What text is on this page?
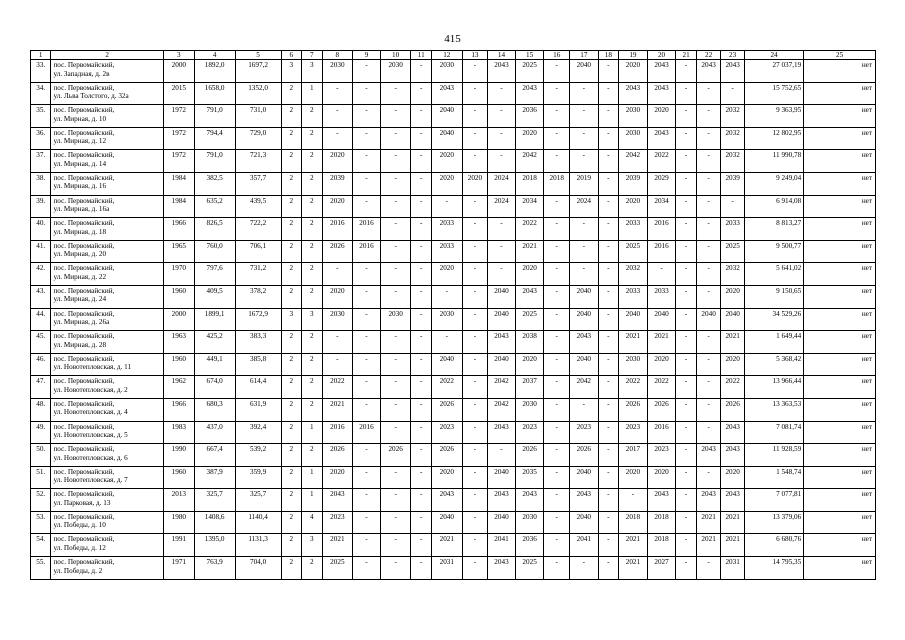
415
1	2	3	4	5	6	7	8	9	10	11	12	13	14	15	16	17	18	19	20	21	22	23	24	25
33.	пос. Первомайский,
ул. Западная, д. 2в	2000	1892,0	1697,2	3	3	2030	-	2030	-	2030	-	2043	2025	-	2040	-	2020	2043	-	2043	2043	27 037,19	нет
34.	пос. Первомайский,
ул. Льва Толстого, д. 32а	2015	1658,0	1352,0	2	1	-	-	-	-	2043	-	-	2043	-	-	-	2043	2043	-	-	-	15 752,65	нет
35.	пос. Первомайский,
ул. Мирная, д. 10	1972	791,0	731,0	2	2	-	-	-	-	2040	-	-	2036	-	-	-	2030	2020	-	-	2032	9 363,95	нет
36.	пос. Первомайский,
ул. Мирная, д. 12	1972	794,4	729,0	2	2	-	-	-	-	2040	-	-	2020	-	-	-	2030	2043	-	-	2032	12 802,95	нет
37.	пос. Первомайский,
ул. Мирная, д. 14	1972	791,0	721,3	2	2	2020	-	-	-	2020	-	-	2042	-	-	-	2042	2022	-	-	2032	11 990,78	нет
38.	пос. Первомайский,
ул. Мирная, д. 16	1984	382,5	357,7	2	2	2039	-	-	-	2020	2020	2024	2018	2018	2019	-	2039	2029	-	-	2039	9 249,04	нет
39.	пос. Первомайский,
ул. Мирная, д. 16а	1984	635,2	439,5	2	2	2020	-	-	-	-	-	2024	2034	-	2024	-	2020	2034	-	-	-	6 914,08	нет
40.	пос. Первомайский,
ул. Мирная, д. 18	1966	826,5	722,2	2	2	2016	2016	-	-	2033	-	-	2022	-	-	-	2033	2016	-	-	2033	8 813,27	нет
41.	пос. Первомайский,
ул. Мирная, д. 20	1965	760,0	706,1	2	2	2026	2016	-	-	2033	-	-	2021	-	-	-	2025	2016	-	-	2025	9 500,77	нет
42.	пос. Первомайский,
ул. Мирная, д. 22	1970	797,6	731,2	2	2	-	-	-	-	2020	-	-	2020	-	-	-	2032	-	-	-	2032	5 641,02	нет
43.	пос. Первомайский,
ул. Мирная, д. 24	1960	409,5	378,2	2	2	2020	-	-	-	-	-	2040	2043	-	2040	-	2033	2033	-	-	2020	9 150,65	нет
44.	пос. Первомайский,
ул. Мирная, д. 26а	2000	1899,1	1672,9	3	3	2030	-	2030	-	2030	-	2040	2025	-	2040	-	2040	2040	-	2040	2040	34 529,26	нет
45.	пос. Первомайский,
ул. Мирная, д. 28	1963	425,2	383,3	2	2	-	-	-	-	-	-	2043	2038	-	2043	-	2021	2021	-	-	2021	1 649,44	нет
46.	пос. Первомайский,
ул. Новотепловская, д. 11	1960	449,1	385,8	2	2	-	-	-	-	2040	-	2040	2020	-	2040	-	2030	2020	-	-	2020	5 368,42	нет
47.	пос. Первомайский,
ул. Новотепловская, д. 2	1962	674,0	614,4	2	2	2022	-	-	-	2022	-	2042	2037	-	2042	-	2022	2022	-	-	2022	13 966,44	нет
48.	пос. Первомайский,
ул. Новотепловская, д. 4	1966	680,3	631,9	2	2	2021	-	-	-	2026	-	2042	2030	-	-	-	2026	2026	-	-	2026	13 363,53	нет
49.	пос. Первомайский,
ул. Новотепловская, д. 5	1983	437,0	392,4	2	1	2016	2016	-	-	2023	-	2043	2023	-	2023	-	2023	2016	-	-	2043	7 081,74	нет
50.	пос. Первомайский,
ул. Новотепловская, д. 6	1990	667,4	539,2	2	2	2026	-	2026	-	2026	-	-	2026	-	2026	-	2017	2023	-	2043	2043	11 928,59	нет
51.	пос. Первомайский,
ул. Новотепловская, д. 7	1960	387,9	359,9	2	1	2020	-	-	-	2020	-	2040	2035	-	2040	-	2020	2020	-	-	2020	1 548,74	нет
52.	пос. Первомайский,
ул. Парковая, д. 13	2013	325,7	325,7	2	1	2043	-	-	-	2043	-	2043	2043	-	2043	-	-	2043	-	2043	2043	7 077,81	нет
53.	пос. Первомайский,
ул. Победы, д. 10	1980	1408,6	1140,4	2	4	2023	-	-	-	2040	-	2040	2030	-	2040	-	2018	2018	-	2021	2021	13 379,06	нет
54.	пос. Первомайский,
ул. Победы, д. 12	1991	1395,0	1131,3	2	3	2021	-	-	-	2021	-	2041	2036	-	2041	-	2021	2018	-	2021	2021	6 680,76	нет
55.	пос. Первомайский,
ул. Победы, д. 2	1971	763,9	704,0	2	2	2025	-	-	-	2031	-	2043	2025	-	-	-	2021	2027	-	-	2031	14 795,35	нет
